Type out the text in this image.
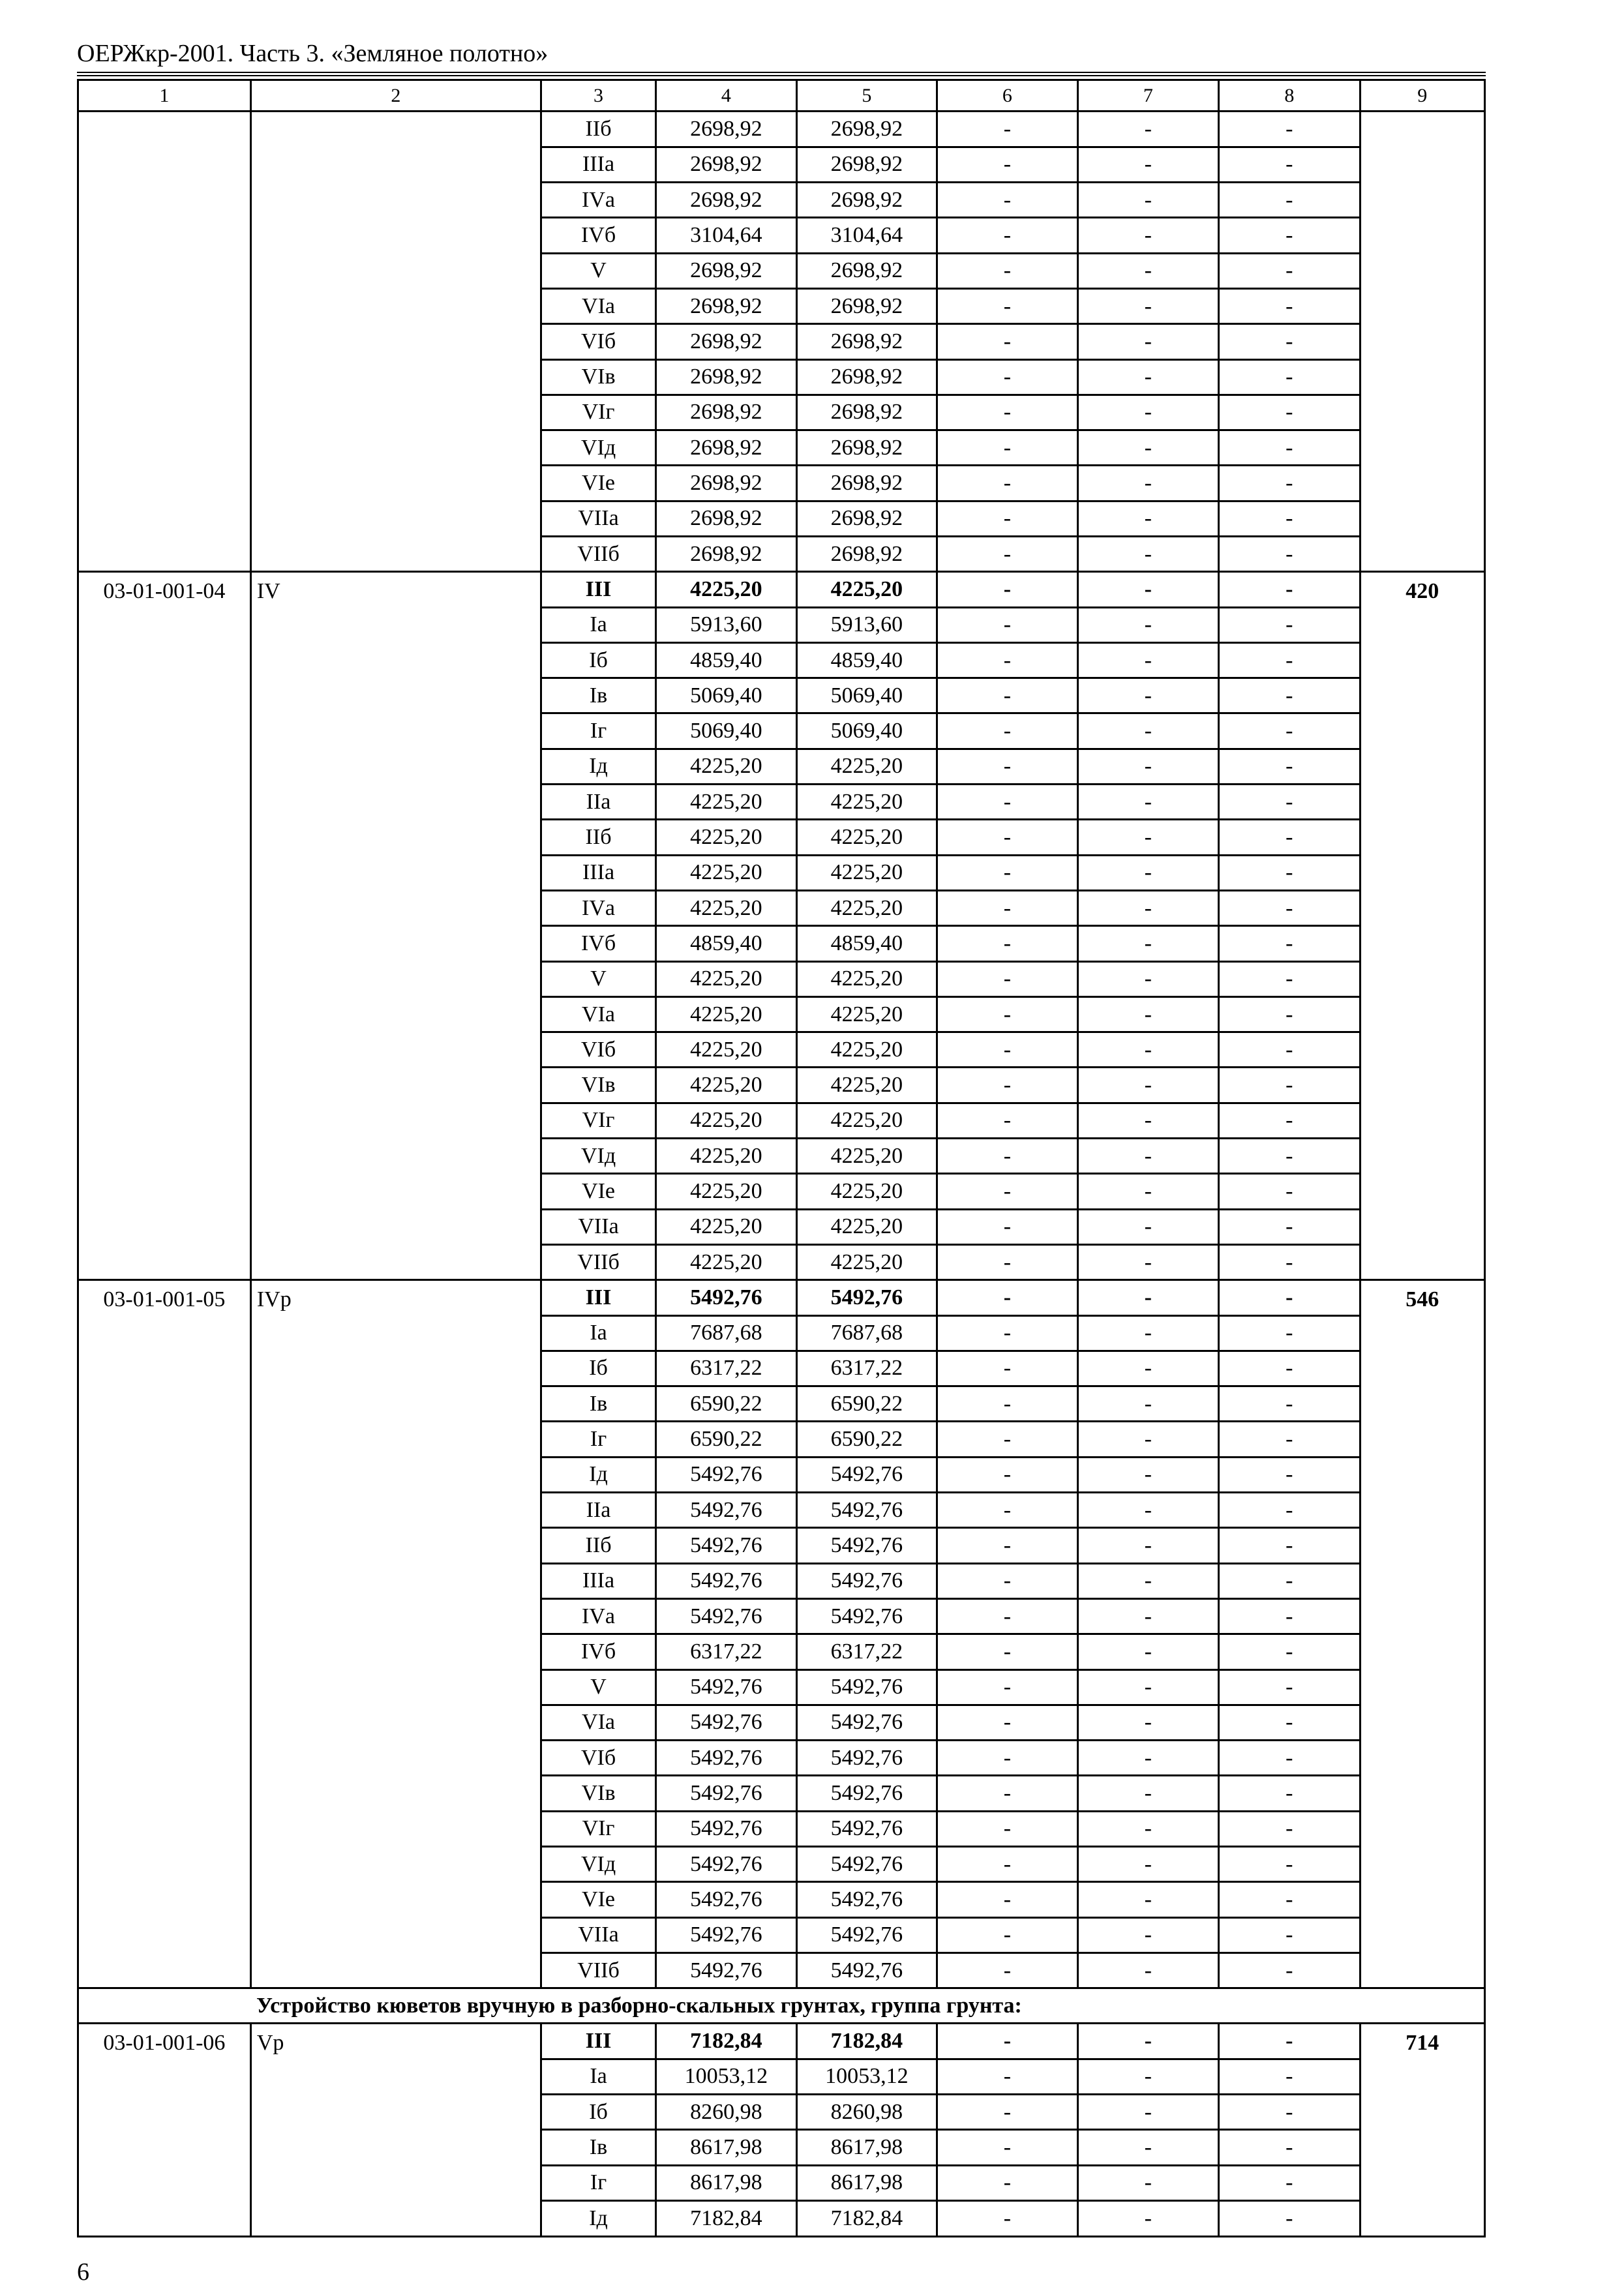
ОЕРЖкр-2001. Часть 3. «Земляное полотно»
1	2	3	4	5	6	7	8	9
		IIб	2698,92	2698,92	-	-	-	
		IIIа	2698,92	2698,92	-	-	-	
		IVа	2698,92	2698,92	-	-	-	
		IVб	3104,64	3104,64	-	-	-	
		V	2698,92	2698,92	-	-	-	
		VIа	2698,92	2698,92	-	-	-	
		VIб	2698,92	2698,92	-	-	-	
		VIв	2698,92	2698,92	-	-	-	
		VIг	2698,92	2698,92	-	-	-	
		VIд	2698,92	2698,92	-	-	-	
		VIе	2698,92	2698,92	-	-	-	
		VIIа	2698,92	2698,92	-	-	-	
		VIIб	2698,92	2698,92	-	-	-	
03-01-001-04	IV	III	4225,20	4225,20	-	-	-	420
		Iа	5913,60	5913,60	-	-	-	
		Iб	4859,40	4859,40	-	-	-	
		Iв	5069,40	5069,40	-	-	-	
		Iг	5069,40	5069,40	-	-	-	
		Iд	4225,20	4225,20	-	-	-	
		IIа	4225,20	4225,20	-	-	-	
		IIб	4225,20	4225,20	-	-	-	
		IIIа	4225,20	4225,20	-	-	-	
		IVа	4225,20	4225,20	-	-	-	
		IVб	4859,40	4859,40	-	-	-	
		V	4225,20	4225,20	-	-	-	
		VIа	4225,20	4225,20	-	-	-	
		VIб	4225,20	4225,20	-	-	-	
		VIв	4225,20	4225,20	-	-	-	
		VIг	4225,20	4225,20	-	-	-	
		VIд	4225,20	4225,20	-	-	-	
		VIе	4225,20	4225,20	-	-	-	
		VIIа	4225,20	4225,20	-	-	-	
		VIIб	4225,20	4225,20	-	-	-	
03-01-001-05	IVр	III	5492,76	5492,76	-	-	-	546
		Iа	7687,68	7687,68	-	-	-	
		Iб	6317,22	6317,22	-	-	-	
		Iв	6590,22	6590,22	-	-	-	
		Iг	6590,22	6590,22	-	-	-	
		Iд	5492,76	5492,76	-	-	-	
		IIа	5492,76	5492,76	-	-	-	
		IIб	5492,76	5492,76	-	-	-	
		IIIа	5492,76	5492,76	-	-	-	
		IVа	5492,76	5492,76	-	-	-	
		IVб	6317,22	6317,22	-	-	-	
		V	5492,76	5492,76	-	-	-	
		VIа	5492,76	5492,76	-	-	-	
		VIб	5492,76	5492,76	-	-	-	
		VIв	5492,76	5492,76	-	-	-	
		VIг	5492,76	5492,76	-	-	-	
		VIд	5492,76	5492,76	-	-	-	
		VIе	5492,76	5492,76	-	-	-	
		VIIа	5492,76	5492,76	-	-	-	
		VIIб	5492,76	5492,76	-	-	-	
Устройство кюветов вручную в разборно-скальных грунтах, группа грунта:								
03-01-001-06	Vр	III	7182,84	7182,84	-	-	-	714
		Iа	10053,12	10053,12	-	-	-	
		Iб	8260,98	8260,98	-	-	-	
		Iв	8617,98	8617,98	-	-	-	
		Iг	8617,98	8617,98	-	-	-	
		Iд	7182,84	7182,84	-	-	-	
6
